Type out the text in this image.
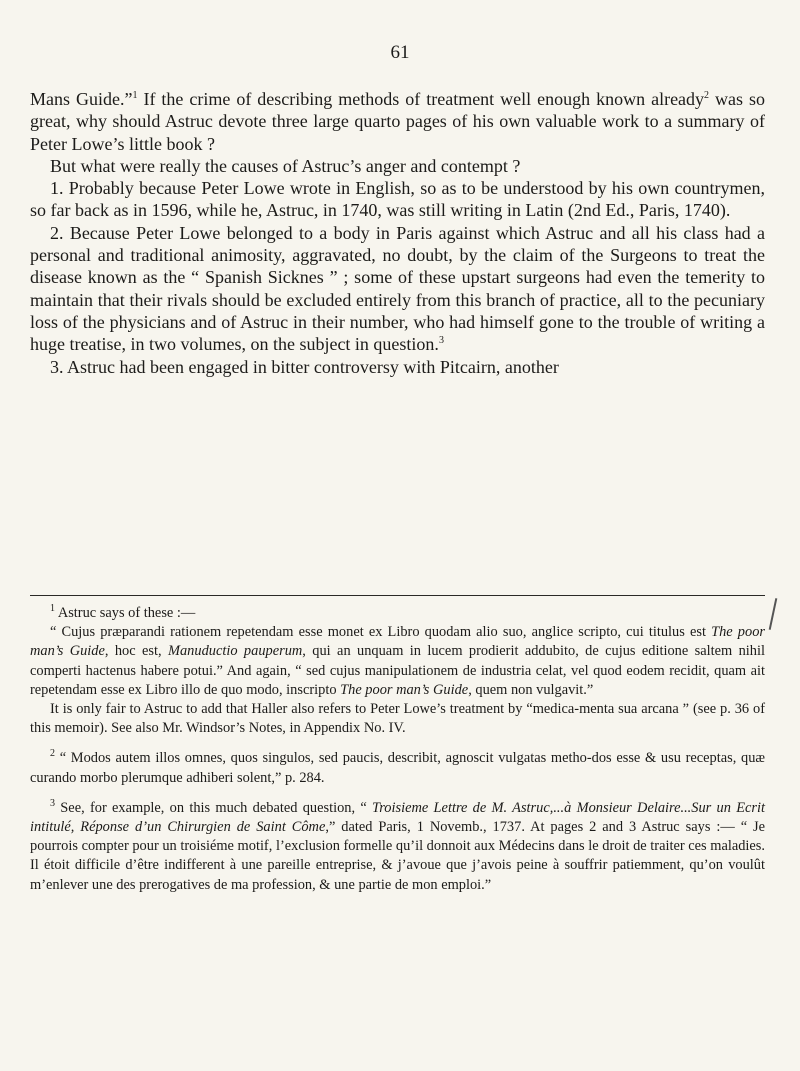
61

Mans Guide.”$^1$ If the crime of describing methods of treatment well enough known already$^2$ was so great, why should Astruc devote three large quarto pages of his own valuable work to a summary of Peter Lowe’s little book ?

But what were really the causes of Astruc’s anger and contempt ?

1. Probably because Peter Lowe wrote in English, so as to be understood by his own countrymen, so far back as in 1596, while he, Astruc, in 1740, was still writing in Latin (2nd Ed., Paris, 1740).

2. Because Peter Lowe belonged to a body in Paris against which Astruc and all his class had a personal and traditional animosity, aggravated, no doubt, by the claim of the Surgeons to treat the disease known as the “ Spanish Sicknes ” ; some of these upstart surgeons had even the temerity to maintain that their rivals should be excluded entirely from this branch of practice, all to the pecuniary loss of the physicians and of Astruc in their number, who had himself gone to the trouble of writing a huge treatise, in two volumes, on the subject in question.$^3$

3. Astruc had been engaged in bitter controversy with Pitcairn, another

$^1$ Astruc says of these :—

“ Cujus præparandi rationem repetendam esse monet ex Libro quodam alio suo, anglice scripto, cui titulus est The poor man’s Guide, hoc est, Manuductio pauperum, qui an unquam in lucem prodierit addubito, de cujus editione saltem nihil comperti hactenus habere potui.” And again, “ sed cujus manipulationem de industria celat, vel quod eodem recidit, quam ait repetendam esse ex Libro illo de quo modo, inscripto The poor man’s Guide, quem non vulgavit.”

It is only fair to Astruc to add that Haller also refers to Peter Lowe’s treatment by “medica-menta sua arcana ” (see p. 36 of this memoir). See also Mr. Windsor’s Notes, in Appendix No. IV.

$^2$ “ Modos autem illos omnes, quos singulos, sed paucis, describit, agnoscit vulgatas metho-dos esse & usu receptas, quæ curando morbo plerumque adhiberi solent,” p. 284.

$^3$ See, for example, on this much debated question, “ Troisieme Lettre de M. Astruc,...à Monsieur Delaire...Sur un Ecrit intitulé, Réponse d’un Chirurgien de Saint Côme,” dated Paris, 1 Novemb., 1737. At pages 2 and 3 Astruc says :— “ Je pourrois compter pour un troisiéme motif, l’exclusion formelle qu’il donnoit aux Médecins dans le droit de traiter ces maladies. Il étoit difficile d’être indifferent à une pareille entreprise, & j’avoue que j’avois peine à souffrir patiemment, qu’on voulût m’enlever une des prerogatives de ma profession, & une partie de mon emploi.”
